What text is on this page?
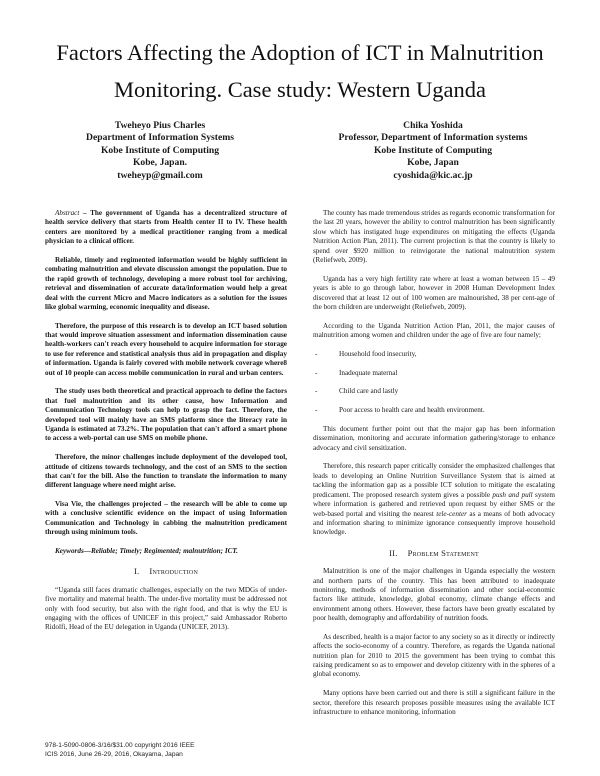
Factors Affecting the Adoption of ICT in Malnutrition
Monitoring. Case study: Western Uganda
Tweheyo Pius Charles
Department of Information Systems
Kobe Institute of Computing
Kobe, Japan.
tweheyp@gmail.com
Chika Yoshida
Professor, Department of Information systems
Kobe Institute of Computing
Kobe, Japan
cyoshida@kic.ac.jp

Abstract – The government of Uganda has a decentralized structure of health service delivery that starts from Health center II to IV. These health centers are monitored by a medical practitioner ranging from a medical physician to a clinical officer.

Reliable, timely and regimented information would be highly sufficient in combating malnutrition and elevate discussion amongst the population. Due to the rapid growth of technology, developing a more robust tool for archiving, retrieval and dissemination of accurate data/information would help a great deal with the current Micro and Macro indicators as a solution for the issues like global warming, economic inequality and disease.

Therefore, the purpose of this research is to develop an ICT based solution that would improve situation assessment and information dissemination cause health-workers can't reach every household to acquire information for storage to use for reference and statistical analysis thus aid in propagation and display of information. Uganda is fairly covered with mobile network coverage where8 out of 10 people can access mobile communication in rural and urban centers.

The study uses both theoretical and practical approach to define the factors that fuel malnutrition and its other cause, how Information and Communication Technology tools can help to grasp the fact. Therefore, the developed tool will mainly have an SMS platform since the literacy rate in Uganda is estimated at 73.2%. The population that can't afford a smart phone to access a web-portal can use SMS on mobile phone.

Therefore, the minor challenges include deployment of the developed tool, attitude of citizens towards technology, and the cost of an SMS to the section that can't for the bill. Also the function to translate the information to many different language where need might arise.

Visa Vie, the challenges projected – the research will be able to come up with a conclusive scientific evidence on the impact of using Information Communication and Technology in cabbing the malnutrition predicament through using minimum tools.

Keywords—Reliable; Timely; Regimented; malnutrition; ICT.

I. Introduction

“Uganda still faces dramatic challenges, especially on the two MDGs of under-five mortality and maternal health. The under-five mortality must be addressed not only with food security, but also with the right food, and that is why the EU is engaging with the offices of UNICEF in this project,” said Ambassador Roberto Ridolfi, Head of the EU delegation in Uganda (UNICEF, 2013).

The county has made tremendous strides as regards economic transformation for the last 20 years, however the ability to control malnutrition has been significantly slow which has instigated huge expenditures on mitigating the effects (Uganda Nutrition Action Plan, 2011). The current projection is that the country is likely to spend over $920 million to reinvigorate the national malnutrition system (Reliefweb, 2009).

Uganda has a very high fertility rate where at least a woman between 15 – 49 years is able to go through labor, however in 2008 Human Development Index discovered that at least 12 out of 100 women are malnourished, 38 per cent-age of the born children are underweight (Reliefweb, 2009).

According to the Uganda Nutrition Action Plan, 2011, the major causes of malnutrition among women and children under the age of five are four namely;

- Household food insecurity,
- Inadequate maternal
- Child care and lastly
- Poor access to health care and health environment.

This document further point out that the major gap has been information dissemination, monitoring and accurate information gathering/storage to enhance advocacy and civil sensitization.

Therefore, this research paper critically consider the emphasized challenges that leads to developing an Online Nutrition Surveillance System that is aimed at tackling the information gap as a possible ICT solution to mitigate the escalating predicament. The proposed research system gives a possible push and pull system where information is gathered and retrieved upon request by either SMS or the web-based portal and visiting the nearest tele-center as a means of both advocacy and information sharing to minimize ignorance consequently improve household knowledge.

II. Problem Statement

Malnutrition is one of the major challenges in Uganda especially the western and northern parts of the country. This has been attributed to inadequate monitoring, methods of information dissemination and other social-economic factors like attitude, knowledge, global economy, climate change effects and environment among others. However, these factors have been greatly escalated by poor health, demography and affordability of nutrition foods.

As described, health is a major factor to any society so as it directly or indirectly affects the socio-economy of a country. Therefore, as regards the Uganda national nutrition plan for 2010 to 2015 the government has been trying to combat this raising predicament so as to empower and develop citizenry with in the spheres of a global economy.

Many options have been carried out and there is still a significant failure in the sector, therefore this research proposes possible measures using the available ICT infrastructure to enhance monitoring, information

978-1-5090-0806-3/16/$31.00 copyright 2016 IEEE
ICIS 2016, June 26-29, 2016, Okayama, Japan
